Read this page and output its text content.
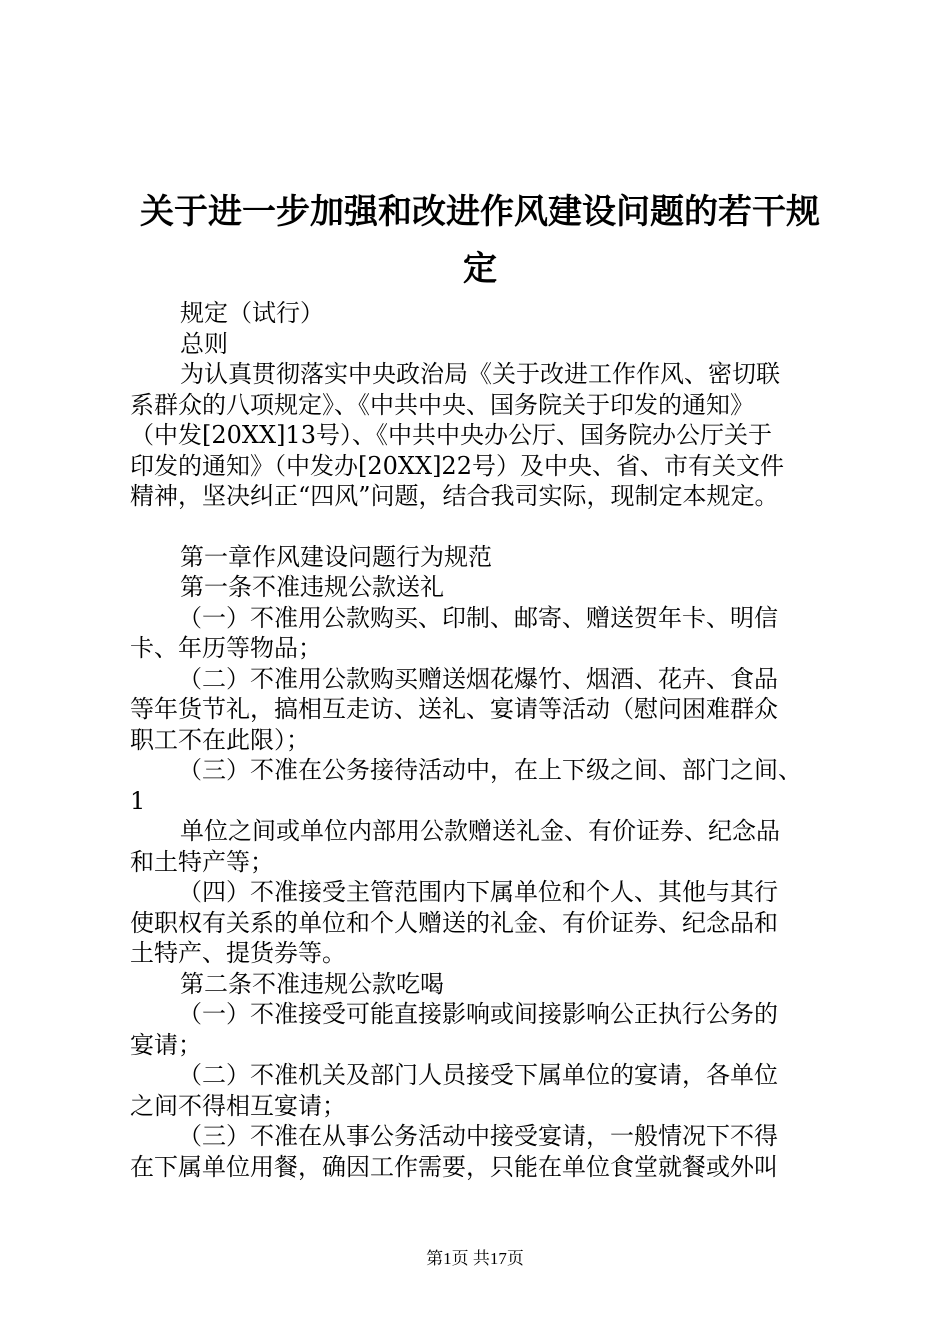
关于进一步加强和改进作风建设问题的若干规
定

规定（试行）

总则

为认真贯彻落实中央政治局《关于改进工作作风、密切联

系群众的八项规定》、《中共中央、国务院关于印发的通知》

（中发[20XX]13号）、《中共中央办公厅、国务院办公厅关于

印发的通知》（中发办[20XX]22号）及中央、省、市有关文件

精神，坚决纠正“四风”问题，结合我司实际，现制定本规定。

第一章作风建设问题行为规范

第一条不准违规公款送礼

（一）不准用公款购买、印制、邮寄、赠送贺年卡、明信

卡、年历等物品；

（二）不准用公款购买赠送烟花爆竹、烟酒、花卉、食品

等年货节礼，搞相互走访、送礼、宴请等活动（慰问困难群众

职工不在此限）；

（三）不准在公务接待活动中，在上下级之间、部门之间、

1

单位之间或单位内部用公款赠送礼金、有价证券、纪念品

和土特产等；

（四）不准接受主管范围内下属单位和个人、其他与其行

使职权有关系的单位和个人赠送的礼金、有价证券、纪念品和

土特产、提货券等。

第二条不准违规公款吃喝

（一）不准接受可能直接影响或间接影响公正执行公务的

宴请；

（二）不准机关及部门人员接受下属单位的宴请，各单位

之间不得相互宴请；

（三）不准在从事公务活动中接受宴请，一般情况下不得

在下属单位用餐，确因工作需要，只能在单位食堂就餐或外叫

第1页 共17页
